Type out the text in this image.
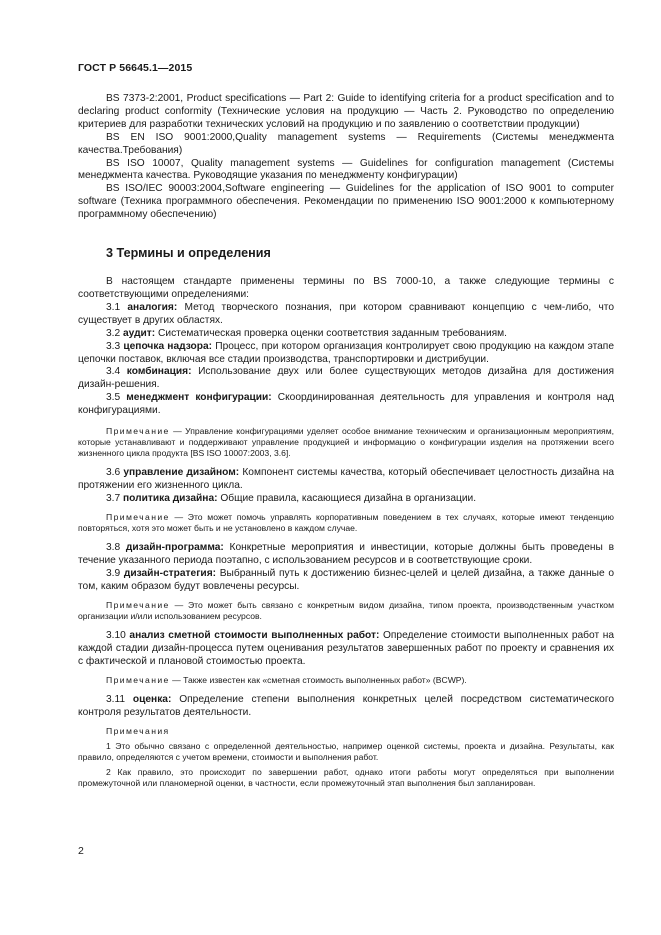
ГОСТ Р 56645.1—2015

BS 7373-2:2001, Product specifications — Part 2: Guide to identifying criteria for a product specification and to declaring product conformity (Технические условия на продукцию — Часть 2. Руководство по определению критериев для разработки технических условий на продукцию и по заявлению о соответствии продукции)

BS EN ISO 9001:2000,Quality management systems — Requirements (Системы менеджмента качества.Требования)

BS ISO 10007, Quality management systems — Guidelines for configuration management (Системы менеджмента качества. Руководящие указания по менеджменту конфигурации)

BS ISO/IEC 90003:2004,Software engineering — Guidelines for the application of ISO 9001 to computer software (Техника программного обеспечения. Рекомендации по применению ISO 9001:2000 к компьютерному программному обеспечению)

3 Термины и определения

В настоящем стандарте применены термины по BS 7000-10, а также следующие термины с соответствующими определениями:

3.1 аналогия: Метод творческого познания, при котором сравнивают концепцию с чем-либо, что существует в других областях.

3.2 аудит: Систематическая проверка оценки соответствия заданным требованиям.

3.3 цепочка надзора: Процесс, при котором организация контролирует свою продукцию на каждом этапе цепочки поставок, включая все стадии производства, транспортировки и дистрибуции.

3.4 комбинация: Использование двух или более существующих методов дизайна для достижения дизайн-решения.

3.5 менеджмент конфигурации: Скоординированная деятельность для управления и контроля над конфигурациями.

Примечание — Управление конфигурациями уделяет особое внимание техническим и организационным мероприятиям, которые устанавливают и поддерживают управление продукцией и информацию о конфигурации изделия на протяжении всего жизненного цикла продукта [BS ISO 10007:2003, 3.6].

3.6 управление дизайном: Компонент системы качества, который обеспечивает целостность дизайна на протяжении его жизненного цикла.

3.7 политика дизайна: Общие правила, касающиеся дизайна в организации.

Примечание — Это может помочь управлять корпоративным поведением в тех случаях, которые имеют тенденцию повторяться, хотя это может быть и не установлено в каждом случае.

3.8 дизайн-программа: Конкретные мероприятия и инвестиции, которые должны быть проведены в течение указанного периода поэтапно, с использованием ресурсов и в соответствующие сроки.

3.9 дизайн-стратегия: Выбранный путь к достижению бизнес-целей и целей дизайна, а также данные о том, каким образом будут вовлечены ресурсы.

Примечание — Это может быть связано с конкретным видом дизайна, типом проекта, производственным участком организации и/или использованием ресурсов.

3.10 анализ сметной стоимости выполненных работ: Определение стоимости выполненных работ на каждой стадии дизайн-процесса путем оценивания результатов завершенных работ по проекту и сравнения их с фактической и плановой стоимостью проекта.

Примечание — Также известен как «сметная стоимость выполненных работ» (BCWP).

3.11 оценка: Определение степени выполнения конкретных целей посредством систематического контроля результатов деятельности.

Примечания

1 Это обычно связано с определенной деятельностью, например оценкой системы, проекта и дизайна. Результаты, как правило, определяются с учетом времени, стоимости и выполнения работ.

2 Как правило, это происходит по завершении работ, однако итоги работы могут определяться при выполнении промежуточной или планомерной оценки, в частности, если промежуточный этап выполнения был запланирован.

2
